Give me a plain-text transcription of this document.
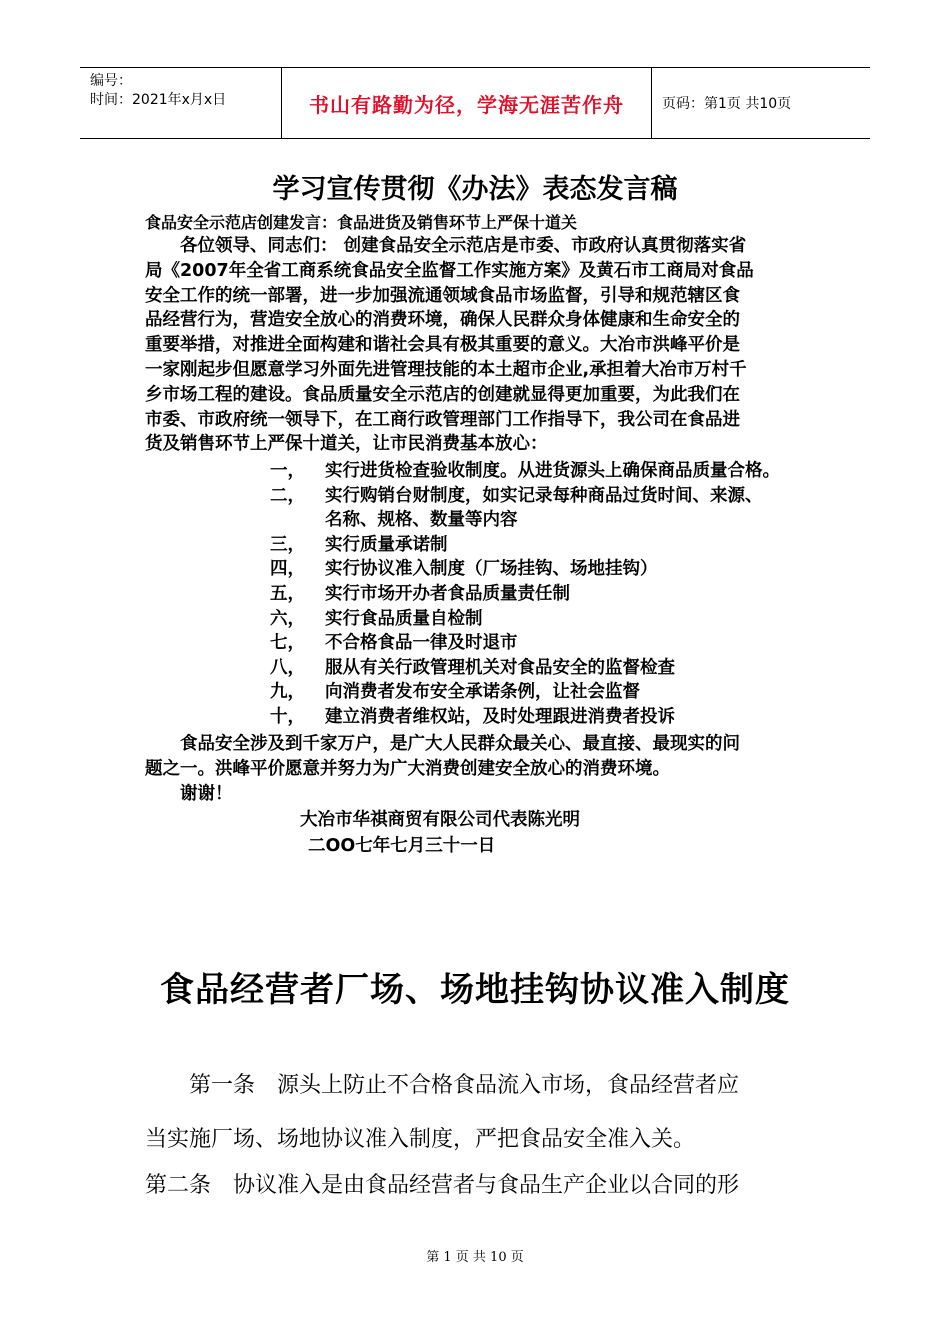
编号：
时间：2021年x月x日	书山有路勤为径，学海无涯苦作舟	页码：第1页 共10页
学习宣传贯彻《办法》表态发言稿
食品安全示范店创建发言：食品进货及销售环节上严保十道关
　　各位领导、同志们： 创建食品安全示范店是市委、市政府认真贯彻落实省
局《2007年全省工商系统食品安全监督工作实施方案》及黄石市工商局对食品
安全工作的统一部署，进一步加强流通领域食品市场监督，引导和规范辖区食
品经营行为，营造安全放心的消费环境，确保人民群众身体健康和生命安全的
重要举措，对推进全面构建和谐社会具有极其重要的意义。大冶市洪峰平价是
一家刚起步但愿意学习外面先进管理技能的本土超市企业,承担着大冶市万村千
乡市场工程的建设。食品质量安全示范店的创建就显得更加重要，为此我们在
市委、市政府统一领导下，在工商行政管理部门工作指导下，我公司在食品进
货及销售环节上严保十道关，让市民消费基本放心：
一，	实行进货检查验收制度。从进货源头上确保商品质量合格。
二，	实行购销台财制度，如实记录每种商品过货时间、来源、
名称、规格、数量等内容
三，	实行质量承诺制
四，	实行协议准入制度（厂场挂钩、场地挂钩）
五，	实行市场开办者食品质量责任制
六，	实行食品质量自检制
七，	不合格食品一律及时退市
八，	服从有关行政管理机关对食品安全的监督检查
九，	向消费者发布安全承诺条例，让社会监督
十，	建立消费者维权站，及时处理跟进消费者投诉
　　食品安全涉及到千家万户，是广大人民群众最关心、最直接、最现实的问
题之一。洪峰平价愿意并努力为广大消费创建安全放心的消费环境。
　　谢谢！
大冶市华祺商贸有限公司代表陈光明
二OO七年七月三十一日
食品经营者厂场、场地挂钩协议准入制度
　　第一条　源头上防止不合格食品流入市场，食品经营者应
当实施厂场、场地协议准入制度，严把食品安全准入关。
第二条　协议准入是由食品经营者与食品生产企业以合同的形
第 1 页 共 10 页
